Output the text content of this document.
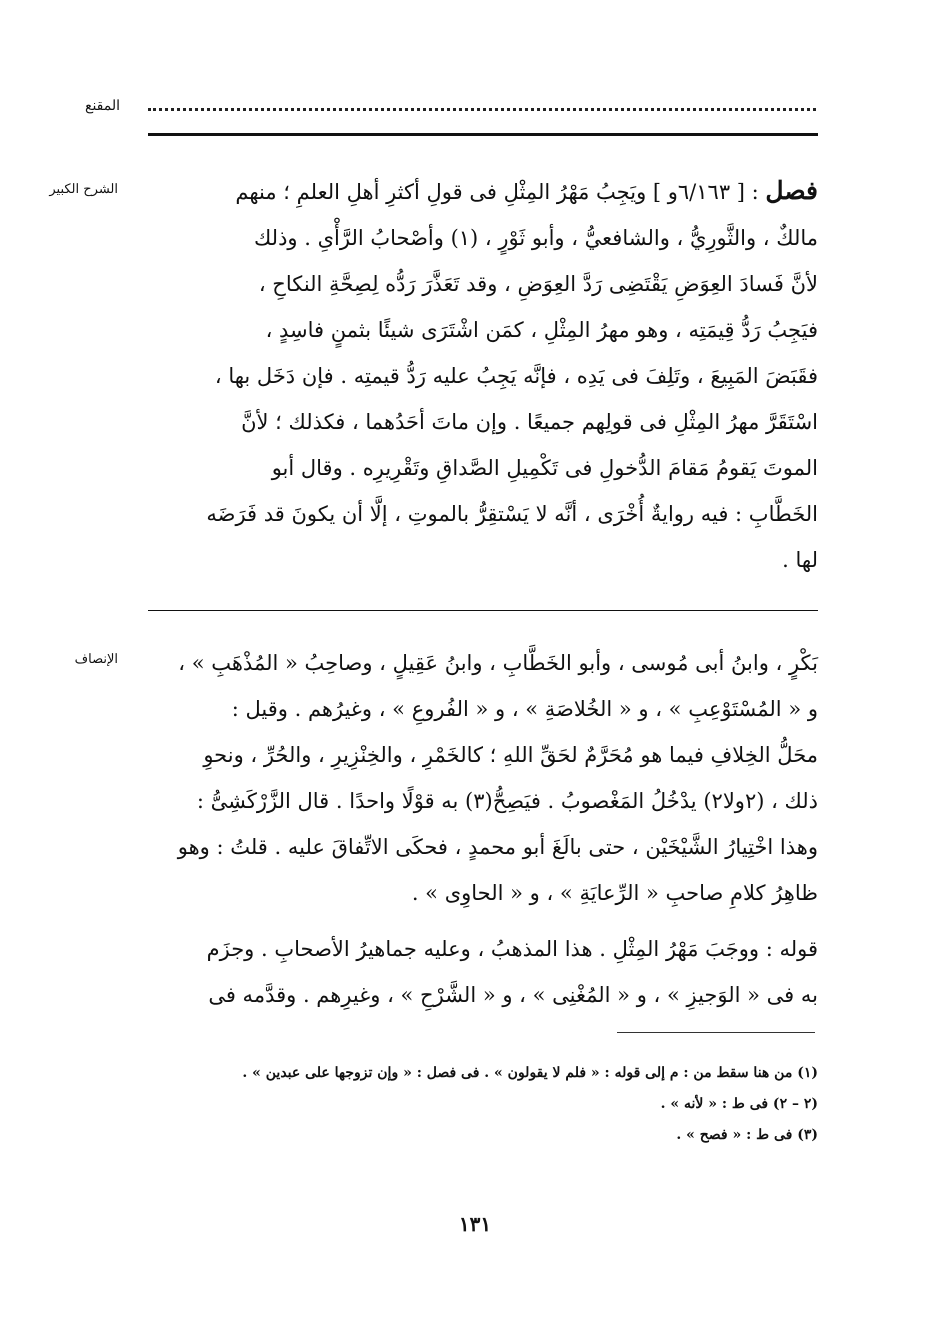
المقنع
الشرح الكبير	فصل : [ ٦/١٦٣و ] ويَجِبُ مَهْرُ المِثْلِ فى قولِ أكثرِ أهلِ العلمِ ؛ منهم

مالكٌ ، والثَّورِيُّ ، والشافعيُّ ، وأبو ثَوْرٍ ، (١) وأصْحابُ الرَّأْىِ . وذلك

لأنَّ فَسادَ العِوَضِ يَقْتَضِى رَدَّ العِوَضِ ، وقد تَعَذَّرَ رَدُّه لِصِحَّةِ النكاحِ ،

فيَجِبُ رَدُّ قِيمَتِه ، وهو مهرُ المِثْلِ ، كمَن اشْتَرَى شيئًا بثمنٍ فاسِدٍ ،

فقَبَضَ المَبِيعَ ، وتَلِفَ فى يَدِه ، فإنَّه يَجِبُ عليه رَدُّ قيمتِه . فإن دَخَل بها ،

اسْتَقَرَّ مهرُ المِثْلِ فى قولِهم جميعًا . وإن ماتَ أحَدُهما ، فكذلك ؛ لأنَّ

الموتَ يَقومُ مَقامَ الدُّخولِ فى تَكْمِيلِ الصَّداقِ وتَقْرِيرِه . وقال أبو

الخَطَّابِ : فيه روايةٌ أُخْرَى ، أنَّه لا يَسْتقِرُّ بالموتِ ، إلَّا أن يكونَ قد فَرَضَه

لها .

الإنصاف	بَكْرٍ ، وابنُ أبى مُوسى ، وأبو الخَطَّابِ ، وابنُ عَقِيلٍ ، وصاحِبُ « المُذْهَبِ » ،

و « المُسْتَوْعِبِ » ، و « الخُلاصَةِ » ، و « الفُروعِ » ، وغيرُهم . وقيل :

محَلُّ الخِلافِ فيما هو مُحَرَّمٌ لحَقِّ اللهِ ؛ كالخَمْرِ ، والخِنْزِيرِ ، والحُرِّ ، ونحوِ

ذلك ، (٢ولا٢) يدْخُلُ المَغْصوبُ . فيَصِحُّ(٣) به قوْلًا واحدًا . قال الزَّرْكَشِىُّ :

وهذا اخْتِيارُ الشَّيْخَيْن ، حتى بالَغَ أبو محمدٍ ، فحكَى الاتِّفاقَ عليه . قلتُ : وهو

ظاهِرُ كلامِ صاحبِ « الرِّعايَةِ » ، و « الحاوِى » .

قوله : ووجَبَ مَهْرُ المِثْلِ . هذا المذهبُ ، وعليه جماهيرُ الأصحابِ . وجزَم

به فى « الوَجيزِ » ، و « المُغْنِى » ، و « الشَّرْحِ » ، وغيرِهم . وقدَّمه فى

(١) من هنا سقط من : م إلى قوله : « فلم لا يقولون » . فى فصل : « وإن تزوجها على عبدين » .

(٢ – ٢) فى ط : « لأنه » .

(٣) فى ط : « فصح » .

١٣١
